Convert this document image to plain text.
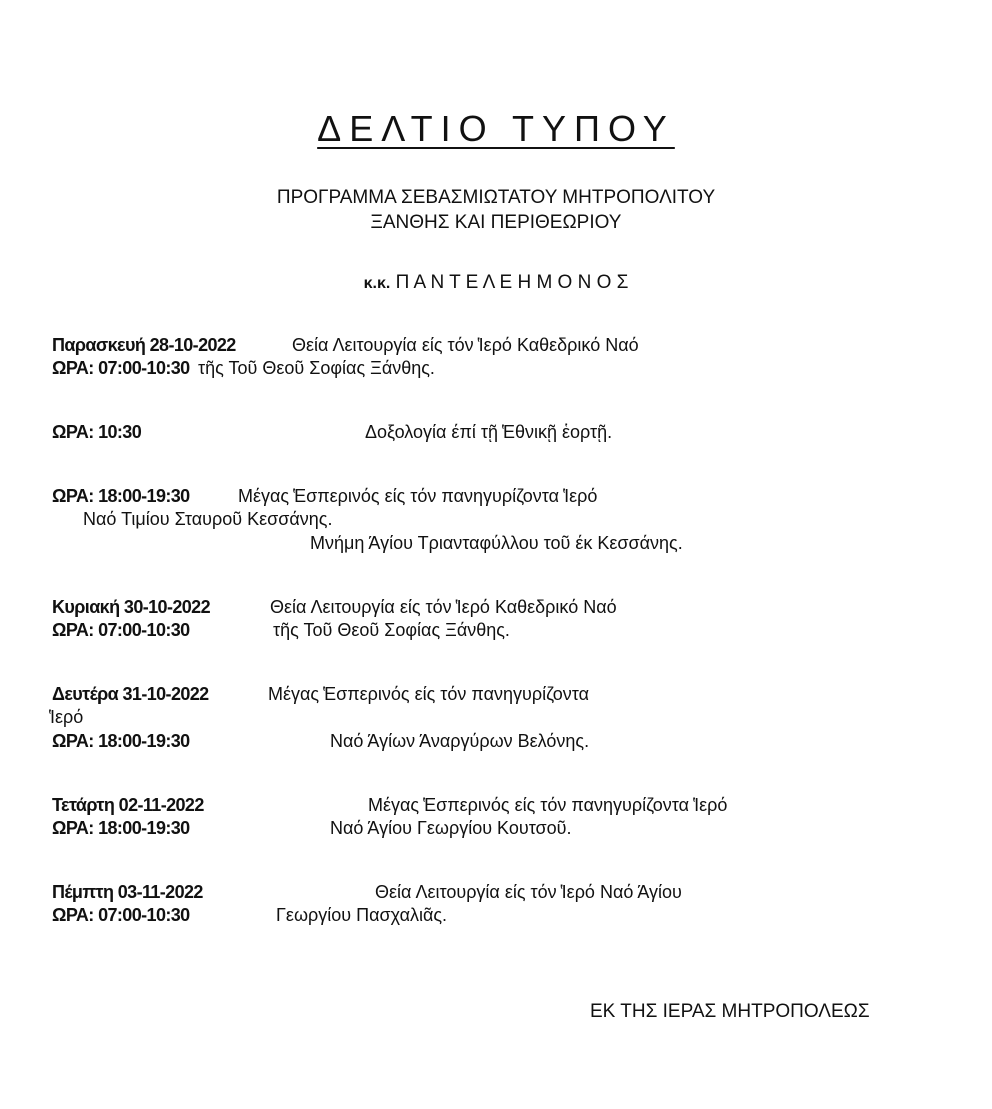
ΔΕΛΤΙΟ ΤΥΠΟΥ
ΠΡΟΓΡΑΜΜΑ ΣΕΒΑΣΜΙΩΤΑΤΟΥ ΜΗΤΡΟΠΟΛΙΤΟΥ
ΞΑΝΘΗΣ ΚΑΙ ΠΕΡΙΘΕΩΡΙΟΥ
κ.κ. Π Α Ν Τ Ε Λ Ε Η Μ Ο Ν Ο Σ
Παρασκευή 28-10-2022	Θεία Λειτουργία είς τόν ̔Ιερό Καθεδρικό Ναό
ΩΡΑ: 07:00-10:30 τῆς Τοῦ Θεοῦ Σοφίας Ξάνθης.
ΩΡΑ: 10:30	Δοξολογία έπί τῇ ̔Εθνικῇ ἑορτῇ.
ΩΡΑ: 18:00-19:30	Μέγας ̔Εσπερινός είς τόν πανηγυρίζοντα ̔Ιερό
Ναό Τιμίου Σταυροῦ Κεσσάνης.
Μνήμη Άγίου Τριανταφύλλου τοῦ έκ Κεσσάνης.
Κυριακή 30-10-2022	Θεία Λειτουργία είς τόν ̔Ιερό Καθεδρικό Ναό
ΩΡΑ: 07:00-10:30	τῆς Τοῦ Θεοῦ Σοφίας Ξάνθης.
Δευτέρα 31-10-2022	Μέγας ̔Εσπερινός είς τόν πανηγυρίζοντα
̔Ιερό
ΩΡΑ: 18:00-19:30	Ναό Άγίων Άναργύρων Βελόνης.
Τετάρτη 02-11-2022	Μέγας ̔Εσπερινός είς τόν πανηγυρίζοντα ̔Ιερό
ΩΡΑ: 18:00-19:30	Ναό Άγίου Γεωργίου Κουτσοῦ.
Πέμπτη 03-11-2022	Θεία Λειτουργία είς τόν ̔Ιερό Ναό Άγίου
ΩΡΑ: 07:00-10:30	Γεωργίου Πασχαλιᾶς.
ΕΚ ΤΗΣ ΙΕΡΑΣ ΜΗΤΡΟΠΟΛΕΩΣ
